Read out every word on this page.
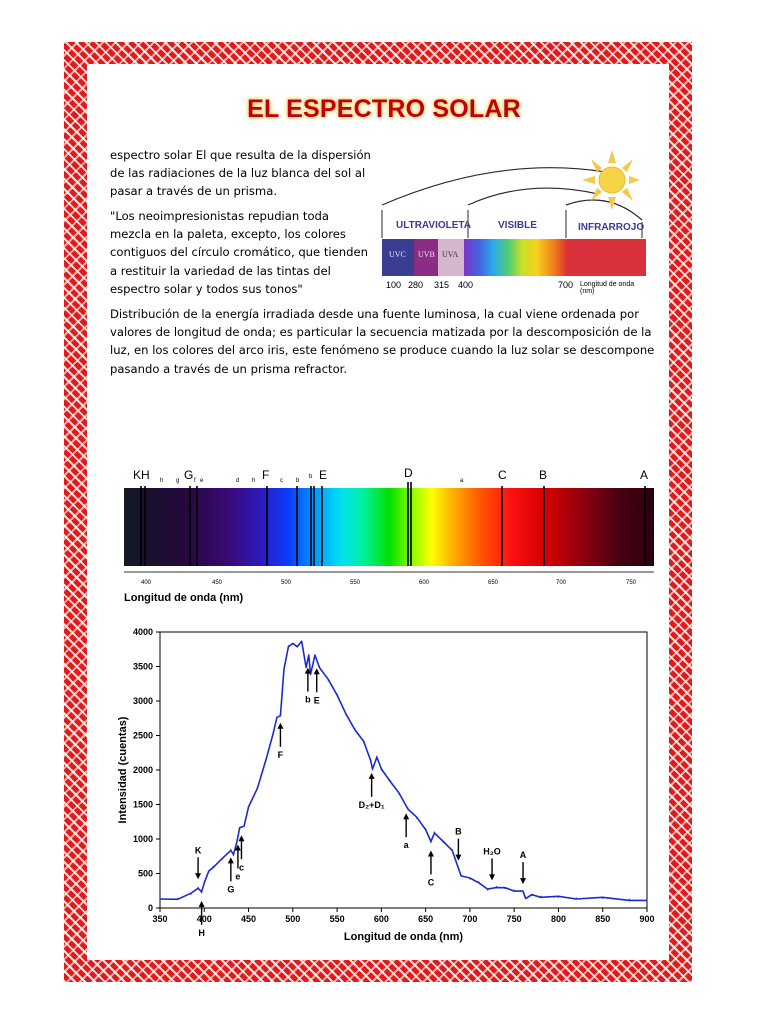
EL ESPECTRO SOLAR

espectro solar El que resulta de la dispersión de las radiaciones de la luz blanca del sol al pasar a través de un prisma.

"Los neoimpresionistas repudian toda mezcla en la paleta, excepto, los colores contiguos del círculo cromático, que tienden a restituir la variedad de las tintas del espectro solar y todos sus tonos"

Distribución de la energía irradiada desde una fuente luminosa, la cual viene ordenada por valores de longitud de onda; es particular la secuencia matizada por la descomposición de la luz, en los colores del arco iris, este fenómeno se produce cuando la luz solar se descompone pasando a través de un prisma refractor.

ULTRAVIOLETA	VISIBLE	INFRARROJO
UVC UVB UVA
100 280 315 400	700 Longitud de onda (nm)
KH	G	F	E	D	C	B	A
h g f e	d h	c b
b
a
400	450	500	550	600	650	700	750
Longitud de onda (nm)
350	400	450	500	550	600	650	700	750	800	850	900
0
500
1000
1500
2000
2500
3000
3500
4000
Longitud de onda (nm)
Intensidad (cuentas)
K
H
G
e
c
F
b E
D₂+D₁
a
C
B
H₂O A
